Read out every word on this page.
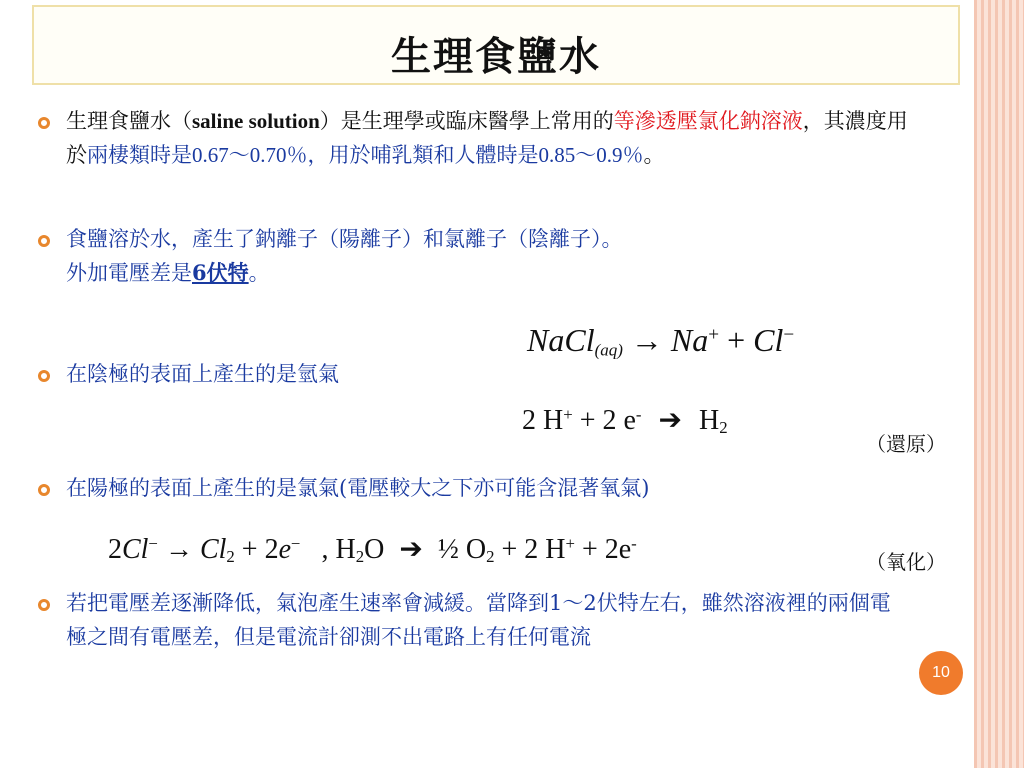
生理食鹽水
生理食鹽水（saline solution）是生理學或臨床醫學上常用的等滲透壓氯化鈉溶液，其濃度用於兩棲類時是0.67～0.70％，用於哺乳類和人體時是0.85～0.9％。
食鹽溶於水，產生了鈉離子（陽離子）和氯離子（陰離子）。
外加電壓差是6伏特。
NaCl$_{(aq)}$ → Na+ + Cl−
在陰極的表面上產生的是氫氣
2 H+ + 2 e- ➔ $H_2$
（還原）
在陽極的表面上產生的是氯氣(電壓較大之下亦可能含混著氧氣)
$2Cl^- \to Cl_2 + 2e^-$ , $H_2O$ ➔ ½ $O_2 + 2$ H+ + 2e-
（氧化）
若把電壓差逐漸降低，氣泡產生速率會減緩。當降到1～2伏特左右，雖然溶液裡的兩個電極之間有電壓差，但是電流計卻測不出電路上有任何電流
10
